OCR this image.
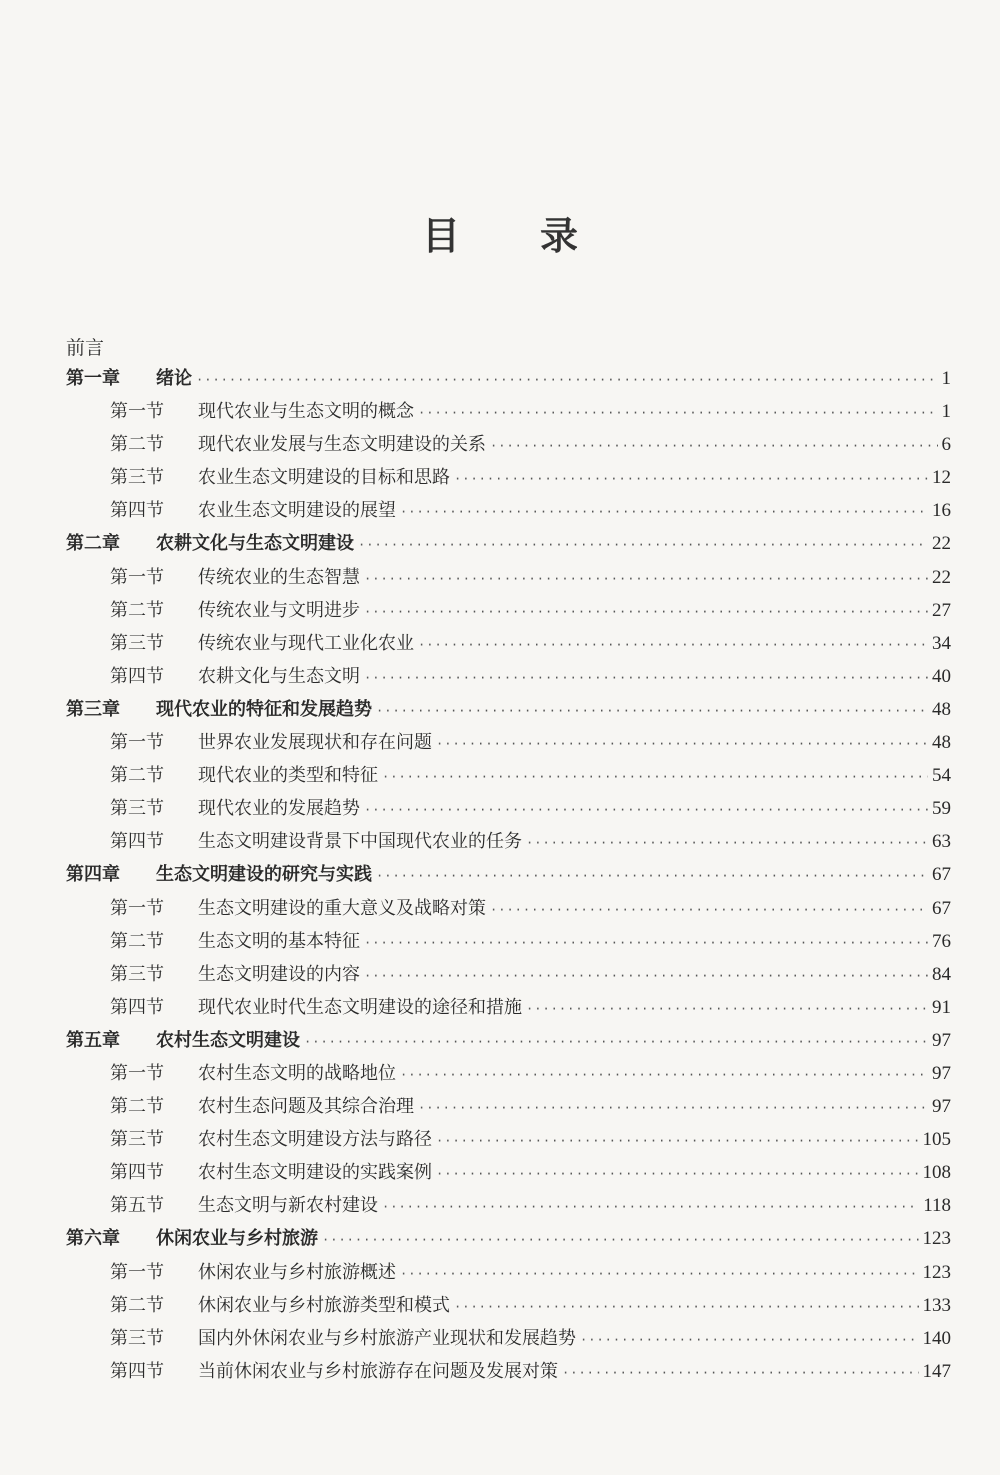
目 录
前言
第一章	绪论 ·····	1
第一节	现代农业与生态文明的概念 ·····	1
第二节	现代农业发展与生态文明建设的关系 ·····	6
第三节	农业生态文明建设的目标和思路 ·····	12
第四节	农业生态文明建设的展望 ·····	16
第二章	农耕文化与生态文明建设 ·····	22
第一节	传统农业的生态智慧 ·····	22
第二节	传统农业与文明进步 ·····	27
第三节	传统农业与现代工业化农业 ·····	34
第四节	农耕文化与生态文明 ·····	40
第三章	现代农业的特征和发展趋势 ·····	48
第一节	世界农业发展现状和存在问题 ·····	48
第二节	现代农业的类型和特征 ·····	54
第三节	现代农业的发展趋势 ·····	59
第四节	生态文明建设背景下中国现代农业的任务 ·····	63
第四章	生态文明建设的研究与实践 ·····	67
第一节	生态文明建设的重大意义及战略对策 ·····	67
第二节	生态文明的基本特征 ·····	76
第三节	生态文明建设的内容 ·····	84
第四节	现代农业时代生态文明建设的途径和措施 ·····	91
第五章	农村生态文明建设 ·····	97
第一节	农村生态文明的战略地位 ·····	97
第二节	农村生态问题及其综合治理 ·····	97
第三节	农村生态文明建设方法与路径 ·····	105
第四节	农村生态文明建设的实践案例 ·····	108
第五节	生态文明与新农村建设 ·····	118
第六章	休闲农业与乡村旅游 ·····	123
第一节	休闲农业与乡村旅游概述 ·····	123
第二节	休闲农业与乡村旅游类型和模式 ·····	133
第三节	国内外休闲农业与乡村旅游产业现状和发展趋势 ·····	140
第四节	当前休闲农业与乡村旅游存在问题及发展对策 ·····	147
